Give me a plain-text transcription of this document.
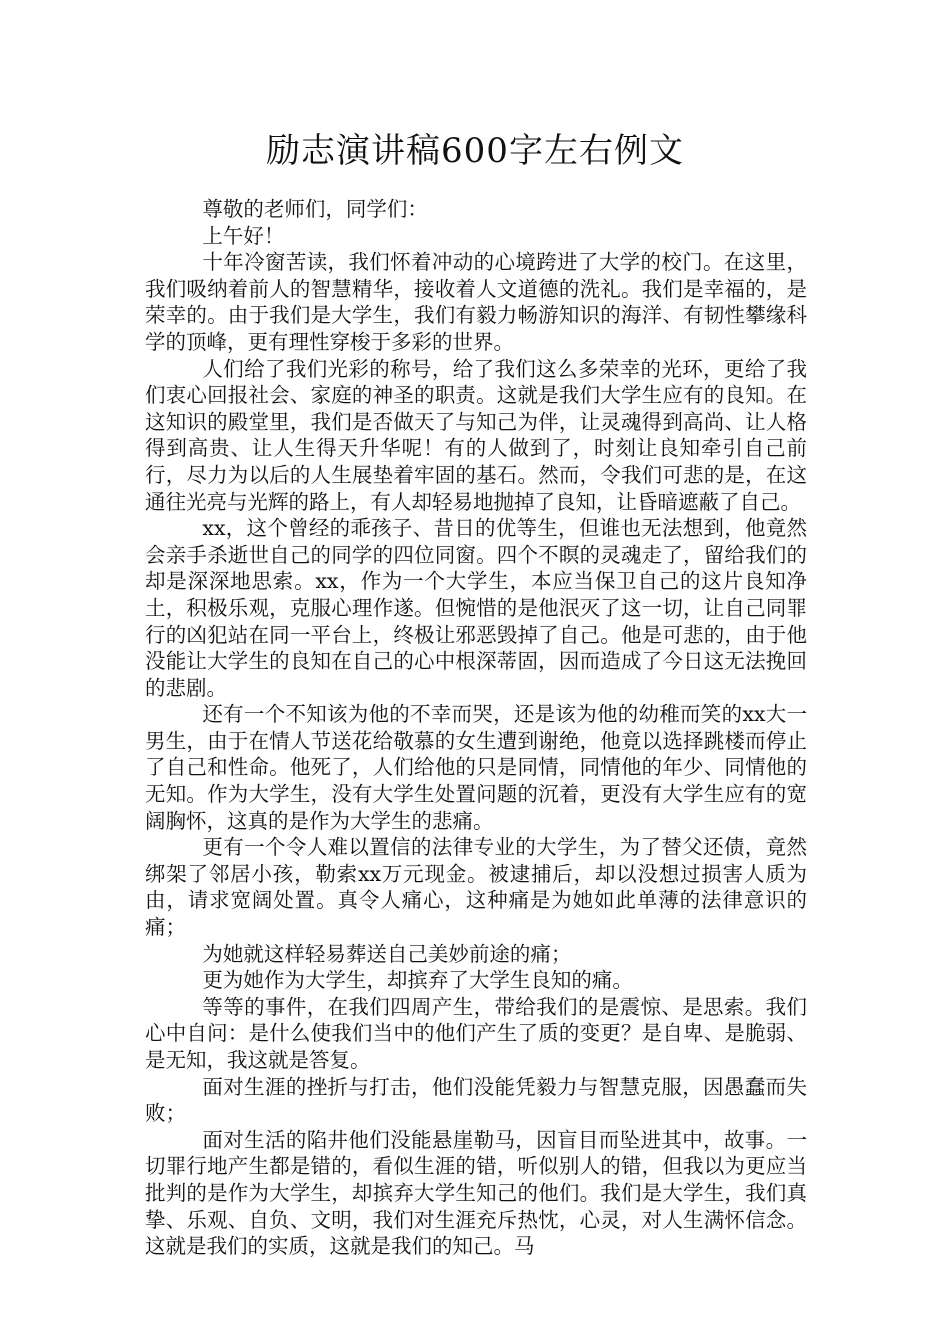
励志演讲稿600字左右例文

尊敬的老师们，同学们：

上午好！

十年冷窗苦读，我们怀着冲动的心境跨进了大学的校门。在这里，我们吸纳着前人的智慧精华，接收着人文道德的洗礼。我们是幸福的，是荣幸的。由于我们是大学生，我们有毅力畅游知识的海洋、有韧性攀缘科学的顶峰，更有理性穿梭于多彩的世界。

人们给了我们光彩的称号，给了我们这么多荣幸的光环，更给了我们衷心回报社会、家庭的神圣的职责。这就是我们大学生应有的良知。在这知识的殿堂里，我们是否做天了与知己为伴，让灵魂得到高尚、让人格得到高贵、让人生得天升华呢！有的人做到了，时刻让良知牵引自己前行，尽力为以后的人生展垫着牢固的基石。然而，令我们可悲的是，在这通往光亮与光辉的路上，有人却轻易地抛掉了良知，让昏暗遮蔽了自己。

xx，这个曾经的乖孩子、昔日的优等生，但谁也无法想到，他竟然会亲手杀逝世自己的同学的四位同窗。四个不瞑的灵魂走了，留给我们的却是深深地思索。xx，作为一个大学生，本应当保卫自己的这片良知净土，积极乐观，克服心理作遂。但惋惜的是他泯灭了这一切，让自己同罪行的凶犯站在同一平台上，终极让邪恶毁掉了自己。他是可悲的，由于他没能让大学生的良知在自己的心中根深蒂固，因而造成了今日这无法挽回的悲剧。

还有一个不知该为他的不幸而哭，还是该为他的幼稚而笑的xx大一男生，由于在情人节送花给敬慕的女生遭到谢绝，他竟以选择跳楼而停止了自己和性命。他死了，人们给他的只是同情，同情他的年少、同情他的无知。作为大学生，没有大学生处置问题的沉着，更没有大学生应有的宽阔胸怀，这真的是作为大学生的悲痛。

更有一个令人难以置信的法律专业的大学生，为了替父还债，竟然绑架了邻居小孩，勒索xx万元现金。被逮捕后，却以没想过损害人质为由，请求宽阔处置。真令人痛心，这种痛是为她如此单薄的法律意识的痛；

为她就这样轻易葬送自己美妙前途的痛；

更为她作为大学生，却摈弃了大学生良知的痛。

等等的事件，在我们四周产生，带给我们的是震惊、是思索。我们心中自问：是什么使我们当中的他们产生了质的变更？是自卑、是脆弱、是无知，我这就是答复。

面对生涯的挫折与打击，他们没能凭毅力与智慧克服，因愚蠢而失败；

面对生活的陷井他们没能悬崖勒马，因盲目而坠进其中，故事。一切罪行地产生都是错的，看似生涯的错，听似别人的错，但我以为更应当批判的是作为大学生，却摈弃大学生知己的他们。我们是大学生，我们真挚、乐观、自负、文明，我们对生涯充斥热忱，心灵，对人生满怀信念。这就是我们的实质，这就是我们的知己。马
